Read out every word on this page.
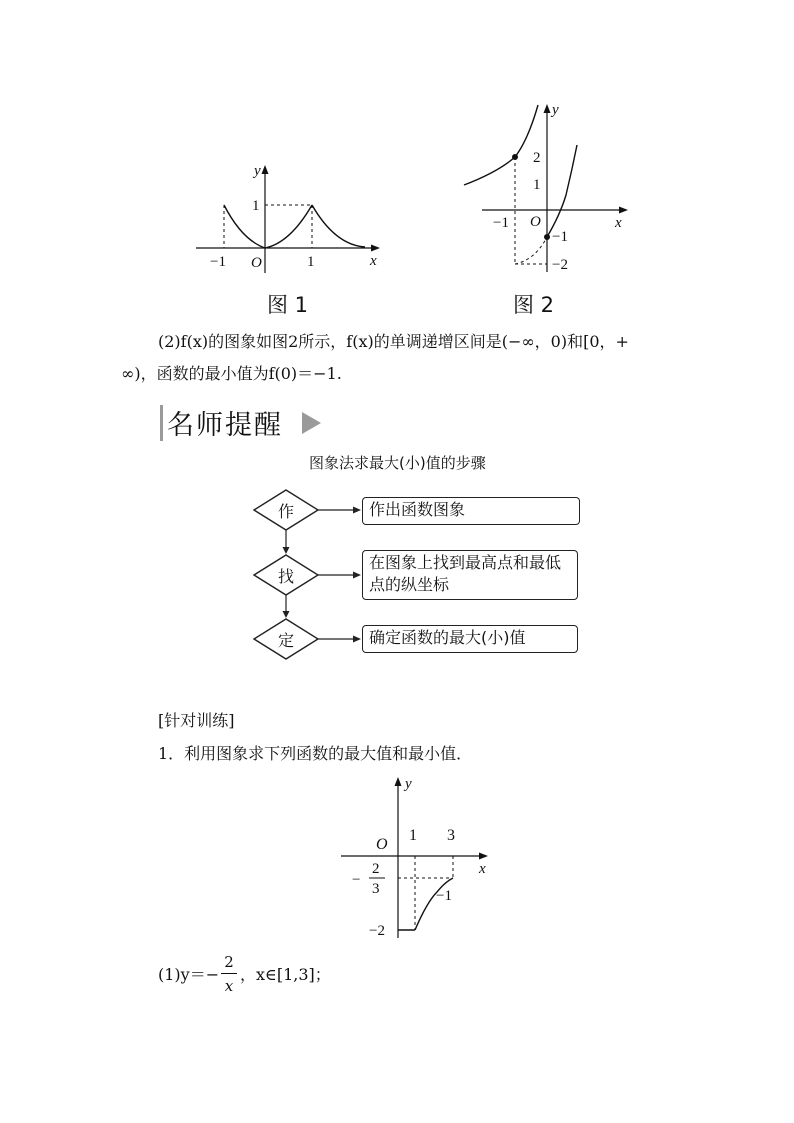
y
x
O
−1	1
1
图 1
y
x
O
−1
2
1
−1
−2
图 2
(2)f(x)的图象如图2所示，f(x)的单调递增区间是(−∞，0)和[0，+
∞)，函数的最小值为f(0)＝−1.
名师提醒
图象法求最大(小)值的步骤
作
找
定
作出函数图象
在图象上找到最高点和最低点的纵坐标
确定函数的最大(小)值
[针对训练]
1．利用图象求下列函数的最大值和最小值．
y
x
O
1 3
−
2
3	−1
−2
(1)y＝−
2
x
，x∈[1,3]；
